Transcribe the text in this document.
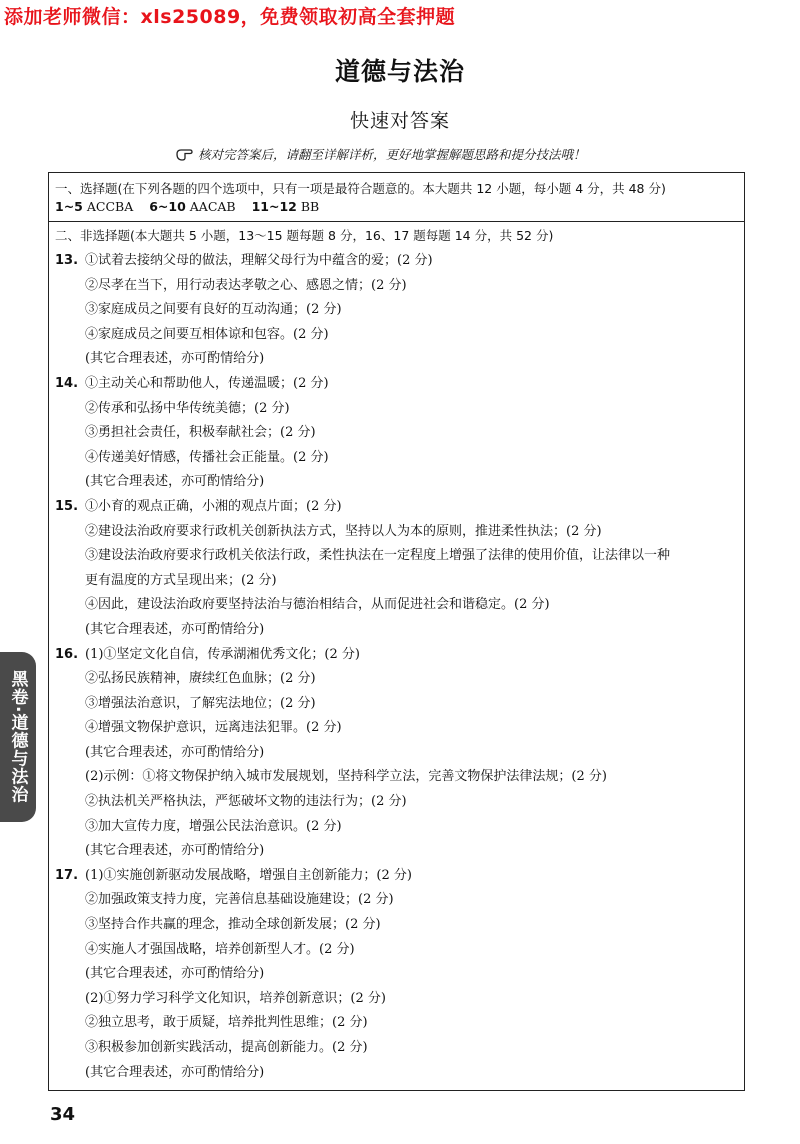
添加老师微信：xls25089，免费领取初高全套押题
道德与法治
快速对答案
核对完答案后，请翻至详解详析，更好地掌握解题思路和提分技法哦！
一、选择题(在下列各题的四个选项中，只有一项是最符合题意的。本大题共 12 小题，每小题 4 分，共 48 分)
1~5 ACCBA 6~10 AACAB 11~12 BB
二、非选择题(本大题共 5 小题，13～15 题每题 8 分，16、17 题每题 14 分，共 52 分)
13. ①试着去接纳父母的做法，理解父母行为中蕴含的爱；(2 分)
②尽孝在当下，用行动表达孝敬之心、感恩之情；(2 分)
③家庭成员之间要有良好的互动沟通；(2 分)
④家庭成员之间要互相体谅和包容。(2 分)
(其它合理表述，亦可酌情给分)
14. ①主动关心和帮助他人，传递温暖；(2 分)
②传承和弘扬中华传统美德；(2 分)
③勇担社会责任，积极奉献社会；(2 分)
④传递美好情感，传播社会正能量。(2 分)
(其它合理表述，亦可酌情给分)
15. ①小育的观点正确，小湘的观点片面；(2 分)
②建设法治政府要求行政机关创新执法方式，坚持以人为本的原则，推进柔性执法；(2 分)
③建设法治政府要求行政机关依法行政，柔性执法在一定程度上增强了法律的使用价值，让法律以一种
更有温度的方式呈现出来；(2 分)
④因此，建设法治政府要坚持法治与德治相结合，从而促进社会和谐稳定。(2 分)
(其它合理表述，亦可酌情给分)
16. (1)①坚定文化自信，传承湖湘优秀文化；(2 分)
②弘扬民族精神，赓续红色血脉；(2 分)
③增强法治意识，了解宪法地位；(2 分)
④增强文物保护意识，远离违法犯罪。(2 分)
(其它合理表述，亦可酌情给分)
(2)示例：①将文物保护纳入城市发展规划，坚持科学立法，完善文物保护法律法规；(2 分)
②执法机关严格执法，严惩破坏文物的违法行为；(2 分)
③加大宣传力度，增强公民法治意识。(2 分)
(其它合理表述，亦可酌情给分)
17. (1)①实施创新驱动发展战略，增强自主创新能力；(2 分)
②加强政策支持力度，完善信息基础设施建设；(2 分)
③坚持合作共赢的理念，推动全球创新发展；(2 分)
④实施人才强国战略，培养创新型人才。(2 分)
(其它合理表述，亦可酌情给分)
(2)①努力学习科学文化知识，培养创新意识；(2 分)
②独立思考，敢于质疑，培养批判性思维；(2 分)
③积极参加创新实践活动，提高创新能力。(2 分)
(其它合理表述，亦可酌情给分)
黑卷·道德与法治
34
